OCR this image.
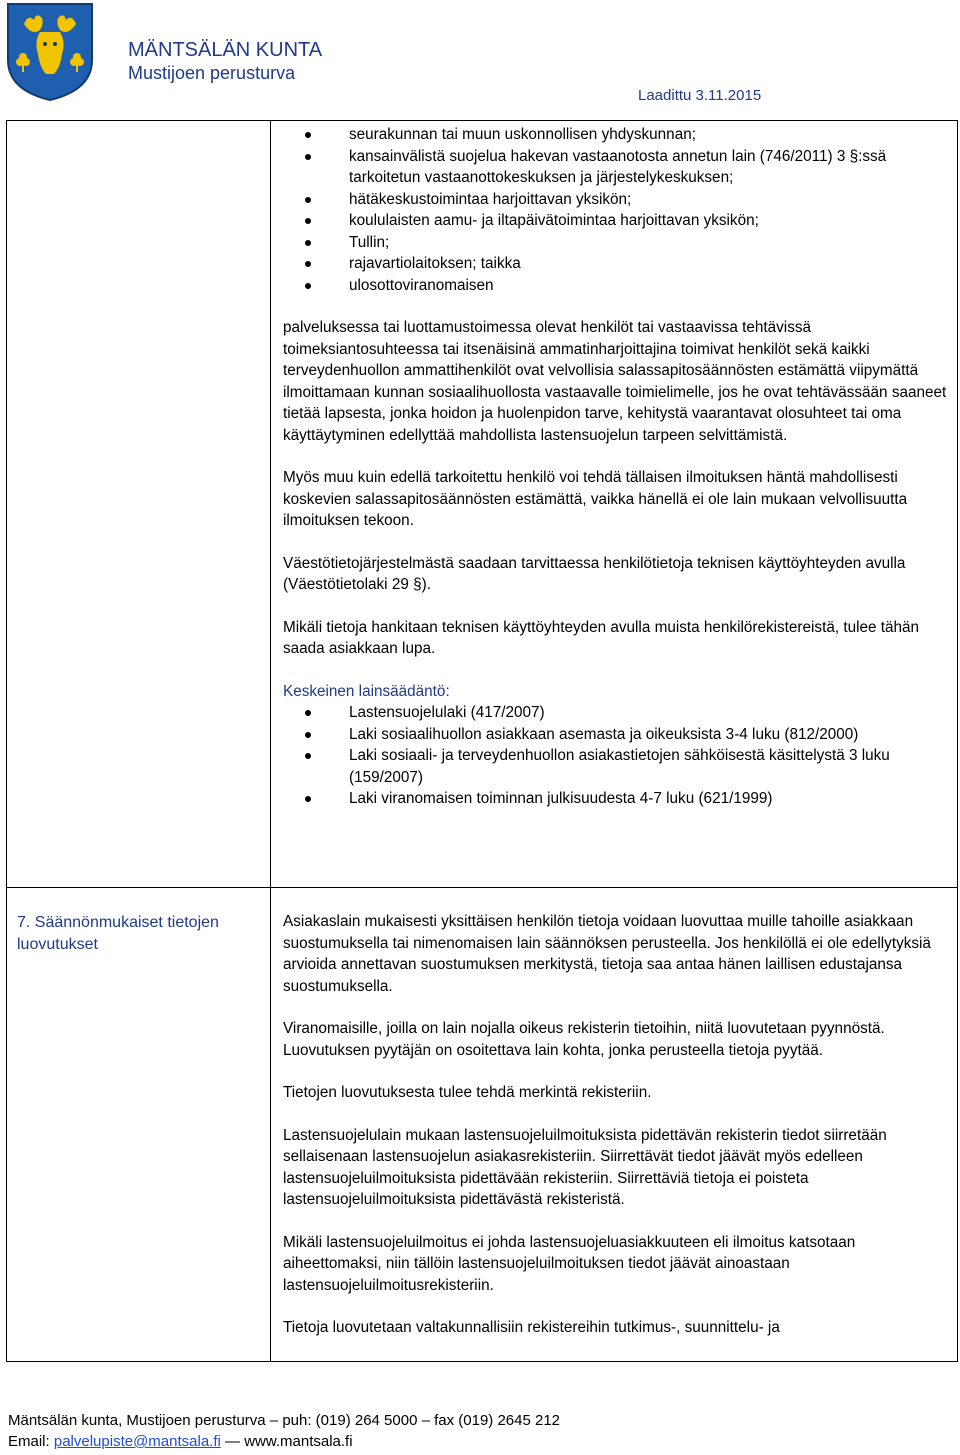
MÄNTSÄLÄN KUNTA
Mustijoen perusturva
Laadittu 3.11.2015
seurakunnan tai muun uskonnollisen yhdyskunnan;
kansainvälistä suojelua hakevan vastaanotosta annetun lain (746/2011) 3 §:ssä tarkoitetun vastaanottokeskuksen ja järjestelykeskuksen;
hätäkeskustoimintaa harjoittavan yksikön;
koululaisten aamu- ja iltapäivätoimintaa harjoittavan yksikön;
Tullin;
rajavartiolaitoksen; taikka
ulosottoviranomaisen

palveluksessa tai luottamustoimessa olevat henkilöt tai vastaavissa tehtävissä toimeksiantosuhteessa tai itsenäisinä ammatinharjoittajina toimivat henkilöt sekä kaikki terveydenhuollon ammattihenkilöt ovat velvollisia salassapitosäännösten estämättä viipymättä ilmoittamaan kunnan sosiaalihuollosta vastaavalle toimielimelle, jos he ovat tehtävässään saaneet tietää lapsesta, jonka hoidon ja huolenpidon tarve, kehitystä vaarantavat olosuhteet tai oma käyttäytyminen edellyttää mahdollista lastensuojelun tarpeen selvittämistä.

Myös muu kuin edellä tarkoitettu henkilö voi tehdä tällaisen ilmoituksen häntä mahdollisesti koskevien salassapitosäännösten estämättä, vaikka hänellä ei ole lain mukaan velvollisuutta ilmoituksen tekoon.

Väestötietojärjestelmästä saadaan tarvittaessa henkilötietoja teknisen käyttöyhteyden avulla (Väestötietolaki 29 §).

Mikäli tietoja hankitaan teknisen käyttöyhteyden avulla muista henkilörekistereistä, tulee tähän saada asiakkaan lupa.

Keskeinen lainsäädäntö:

Lastensuojelulaki (417/2007)
Laki sosiaalihuollon asiakkaan asemasta ja oikeuksista 3-4 luku (812/2000)
Laki sosiaali- ja terveydenhuollon asiakastietojen sähköisestä käsittelystä 3 luku (159/2007)
Laki viranomaisen toiminnan julkisuudesta 4-7 luku (621/1999)
7. Säännönmukaiset tietojen luovutukset

Asiakaslain mukaisesti yksittäisen henkilön tietoja voidaan luovuttaa muille tahoille asiakkaan suostumuksella tai nimenomaisen lain säännöksen perusteella. Jos henkilöllä ei ole edellytyksiä arvioida annettavan suostumuksen merkitystä, tietoja saa antaa hänen laillisen edustajansa suostumuksella.

Viranomaisille, joilla on lain nojalla oikeus rekisterin tietoihin, niitä luovutetaan pyynnöstä. Luovutuksen pyytäjän on osoitettava lain kohta, jonka perusteella tietoja pyytää.

Tietojen luovutuksesta tulee tehdä merkintä rekisteriin.

Lastensuojelulain mukaan lastensuojeluilmoituksista pidettävän rekisterin tiedot siirretään sellaisenaan lastensuojelun asiakasrekisteriin. Siirrettävät tiedot jäävät myös edelleen lastensuojeluilmoituksista pidettävään rekisteriin. Siirrettäviä tietoja ei poisteta lastensuojeluilmoituksista pidettävästä rekisteristä.

Mikäli lastensuojeluilmoitus ei johda lastensuojeluasiakkuuteen eli ilmoitus katsotaan aiheettomaksi, niin tällöin lastensuojeluilmoituksen tiedot jäävät ainoastaan lastensuojeluilmoitusrekisteriin.

Tietoja luovutetaan valtakunnallisiin rekistereihin tutkimus-, suunnittelu- ja

Mäntsälän kunta, Mustijoen perusturva – puh: (019) 264 5000 – fax (019) 2645 212
Email: palvelupiste@mantsala.fi — www.mantsala.fi
